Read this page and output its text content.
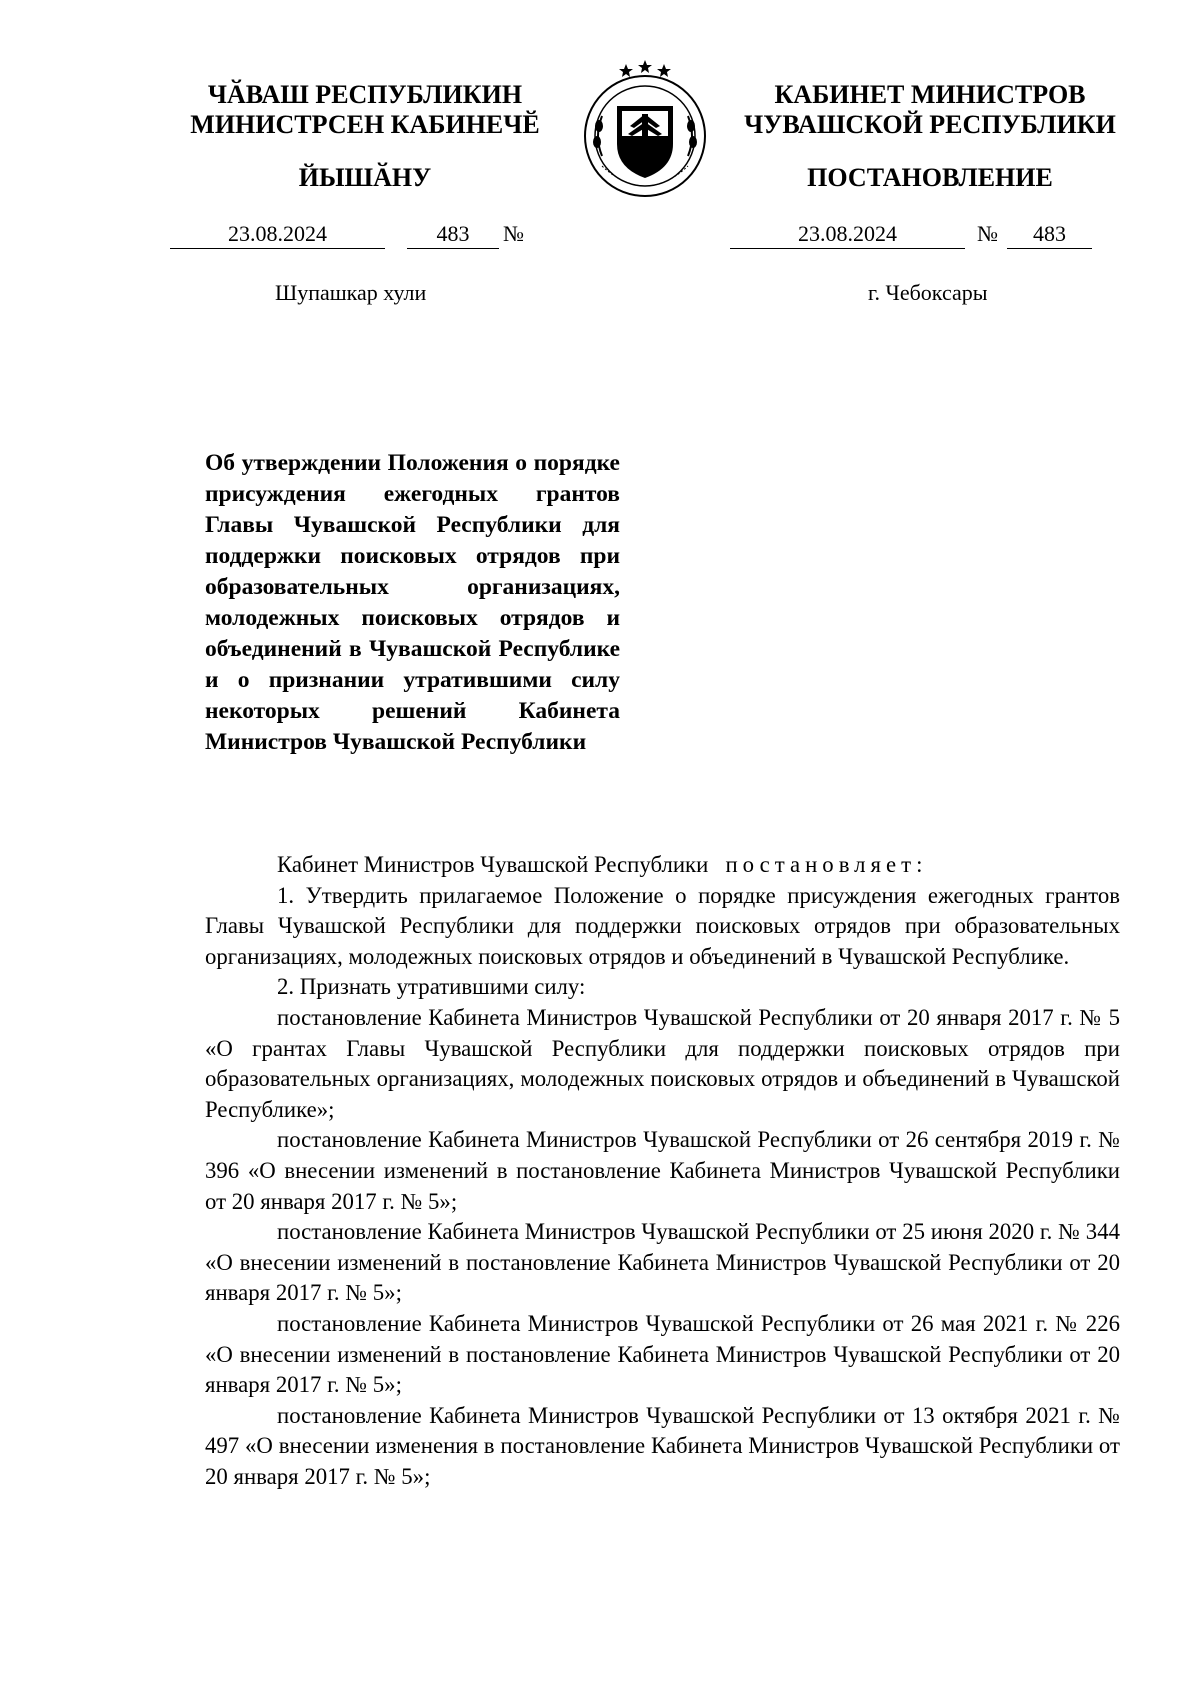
ЧӐВАШ РЕСПУБЛИКИН
МИНИСТРСЕН КАБИНЕЧӖ
ЙЫШӐНУ
КАБИНЕТ МИНИСТРОВ
ЧУВАШСКОЙ РЕСПУБЛИКИ
ПОСТАНОВЛЕНИЕ
23.08.2024	483	№	23.08.2024	№	483
Шупашкар хули	г. Чебоксары
Об утверждении Положения о порядке присуждения ежегодных грантов Главы Чувашской Республики для поддержки поисковых отрядов при образовательных организациях, молодежных поисковых отрядов и объединений в Чувашской Республике и о признании утратившими силу некоторых решений Кабинета Министров Чувашской Республики

Кабинет Министров Чувашской Республики постановляет:

1. Утвердить прилагаемое Положение о порядке присуждения ежегодных грантов Главы Чувашской Республики для поддержки поисковых отрядов при образовательных организациях, молодежных поисковых отрядов и объединений в Чувашской Республике.

2. Признать утратившими силу:

постановление Кабинета Министров Чувашской Республики от 20 января 2017 г. № 5 «О грантах Главы Чувашской Республики для поддержки поисковых отрядов при образовательных организациях, молодежных поисковых отрядов и объединений в Чувашской Республике»;

постановление Кабинета Министров Чувашской Республики от 26 сентября 2019 г. № 396 «О внесении изменений в постановление Кабинета Министров Чувашской Республики от 20 января 2017 г. № 5»;

постановление Кабинета Министров Чувашской Республики от 25 июня 2020 г. № 344 «О внесении изменений в постановление Кабинета Министров Чувашской Республики от 20 января 2017 г. № 5»;

постановление Кабинета Министров Чувашской Республики от 26 мая 2021 г. № 226 «О внесении изменений в постановление Кабинета Министров Чувашской Республики от 20 января 2017 г. № 5»;

постановление Кабинета Министров Чувашской Республики от 13 октября 2021 г. № 497 «О внесении изменения в постановление Кабинета Министров Чувашской Республики от 20 января 2017 г. № 5»;
